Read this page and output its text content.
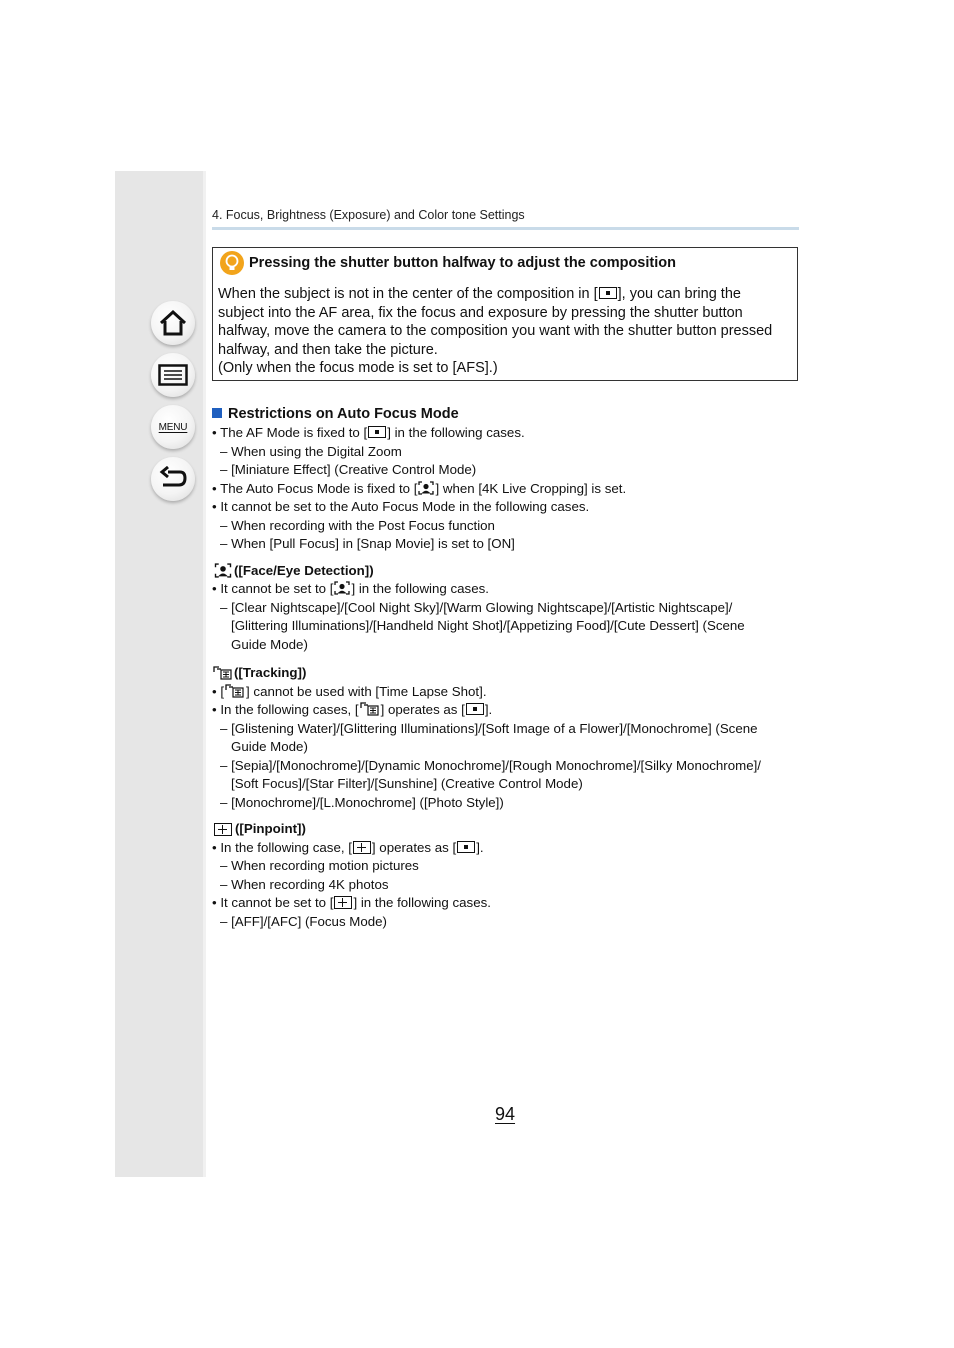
MENU
4. Focus, Brightness (Exposure) and Color tone Settings
Pressing the shutter button halfway to adjust the composition
When the subject is not in the center of the composition in [ ], you can bring the
subject into the AF area, fix the focus and exposure by pressing the shutter button
halfway, move the camera to the composition you want with the shutter button pressed
halfway, and then take the picture.
(Only when the focus mode is set to [AFS].)
Restrictions on Auto Focus Mode
• The AF Mode is fixed to [ ] in the following cases.
– When using the Digital Zoom
– [Miniature Effect] (Creative Control Mode)
• The Auto Focus Mode is fixed to [ ] when [4K Live Cropping] is set.
• It cannot be set to the Auto Focus Mode in the following cases.
– When recording with the Post Focus function
– When [Pull Focus] in [Snap Movie] is set to [ON]
([Face/Eye Detection])
• It cannot be set to [ ] in the following cases.
– [Clear Nightscape]/[Cool Night Sky]/[Warm Glowing Nightscape]/[Artistic Nightscape]/
[Glittering Illuminations]/[Handheld Night Shot]/[Appetizing Food]/[Cute Dessert] (Scene
Guide Mode)
([Tracking])
• [ ] cannot be used with [Time Lapse Shot].
• In the following cases, [ ] operates as [ ].
– [Glistening Water]/[Glittering Illuminations]/[Soft Image of a Flower]/[Monochrome] (Scene
Guide Mode)
– [Sepia]/[Monochrome]/[Dynamic Monochrome]/[Rough Monochrome]/[Silky Monochrome]/
[Soft Focus]/[Star Filter]/[Sunshine] (Creative Control Mode)
– [Monochrome]/[L.Monochrome] ([Photo Style])
([Pinpoint])
• In the following case, [ ] operates as [ ].
– When recording motion pictures
– When recording 4K photos
• It cannot be set to [ ] in the following cases.
– [AFF]/[AFC] (Focus Mode)
94
